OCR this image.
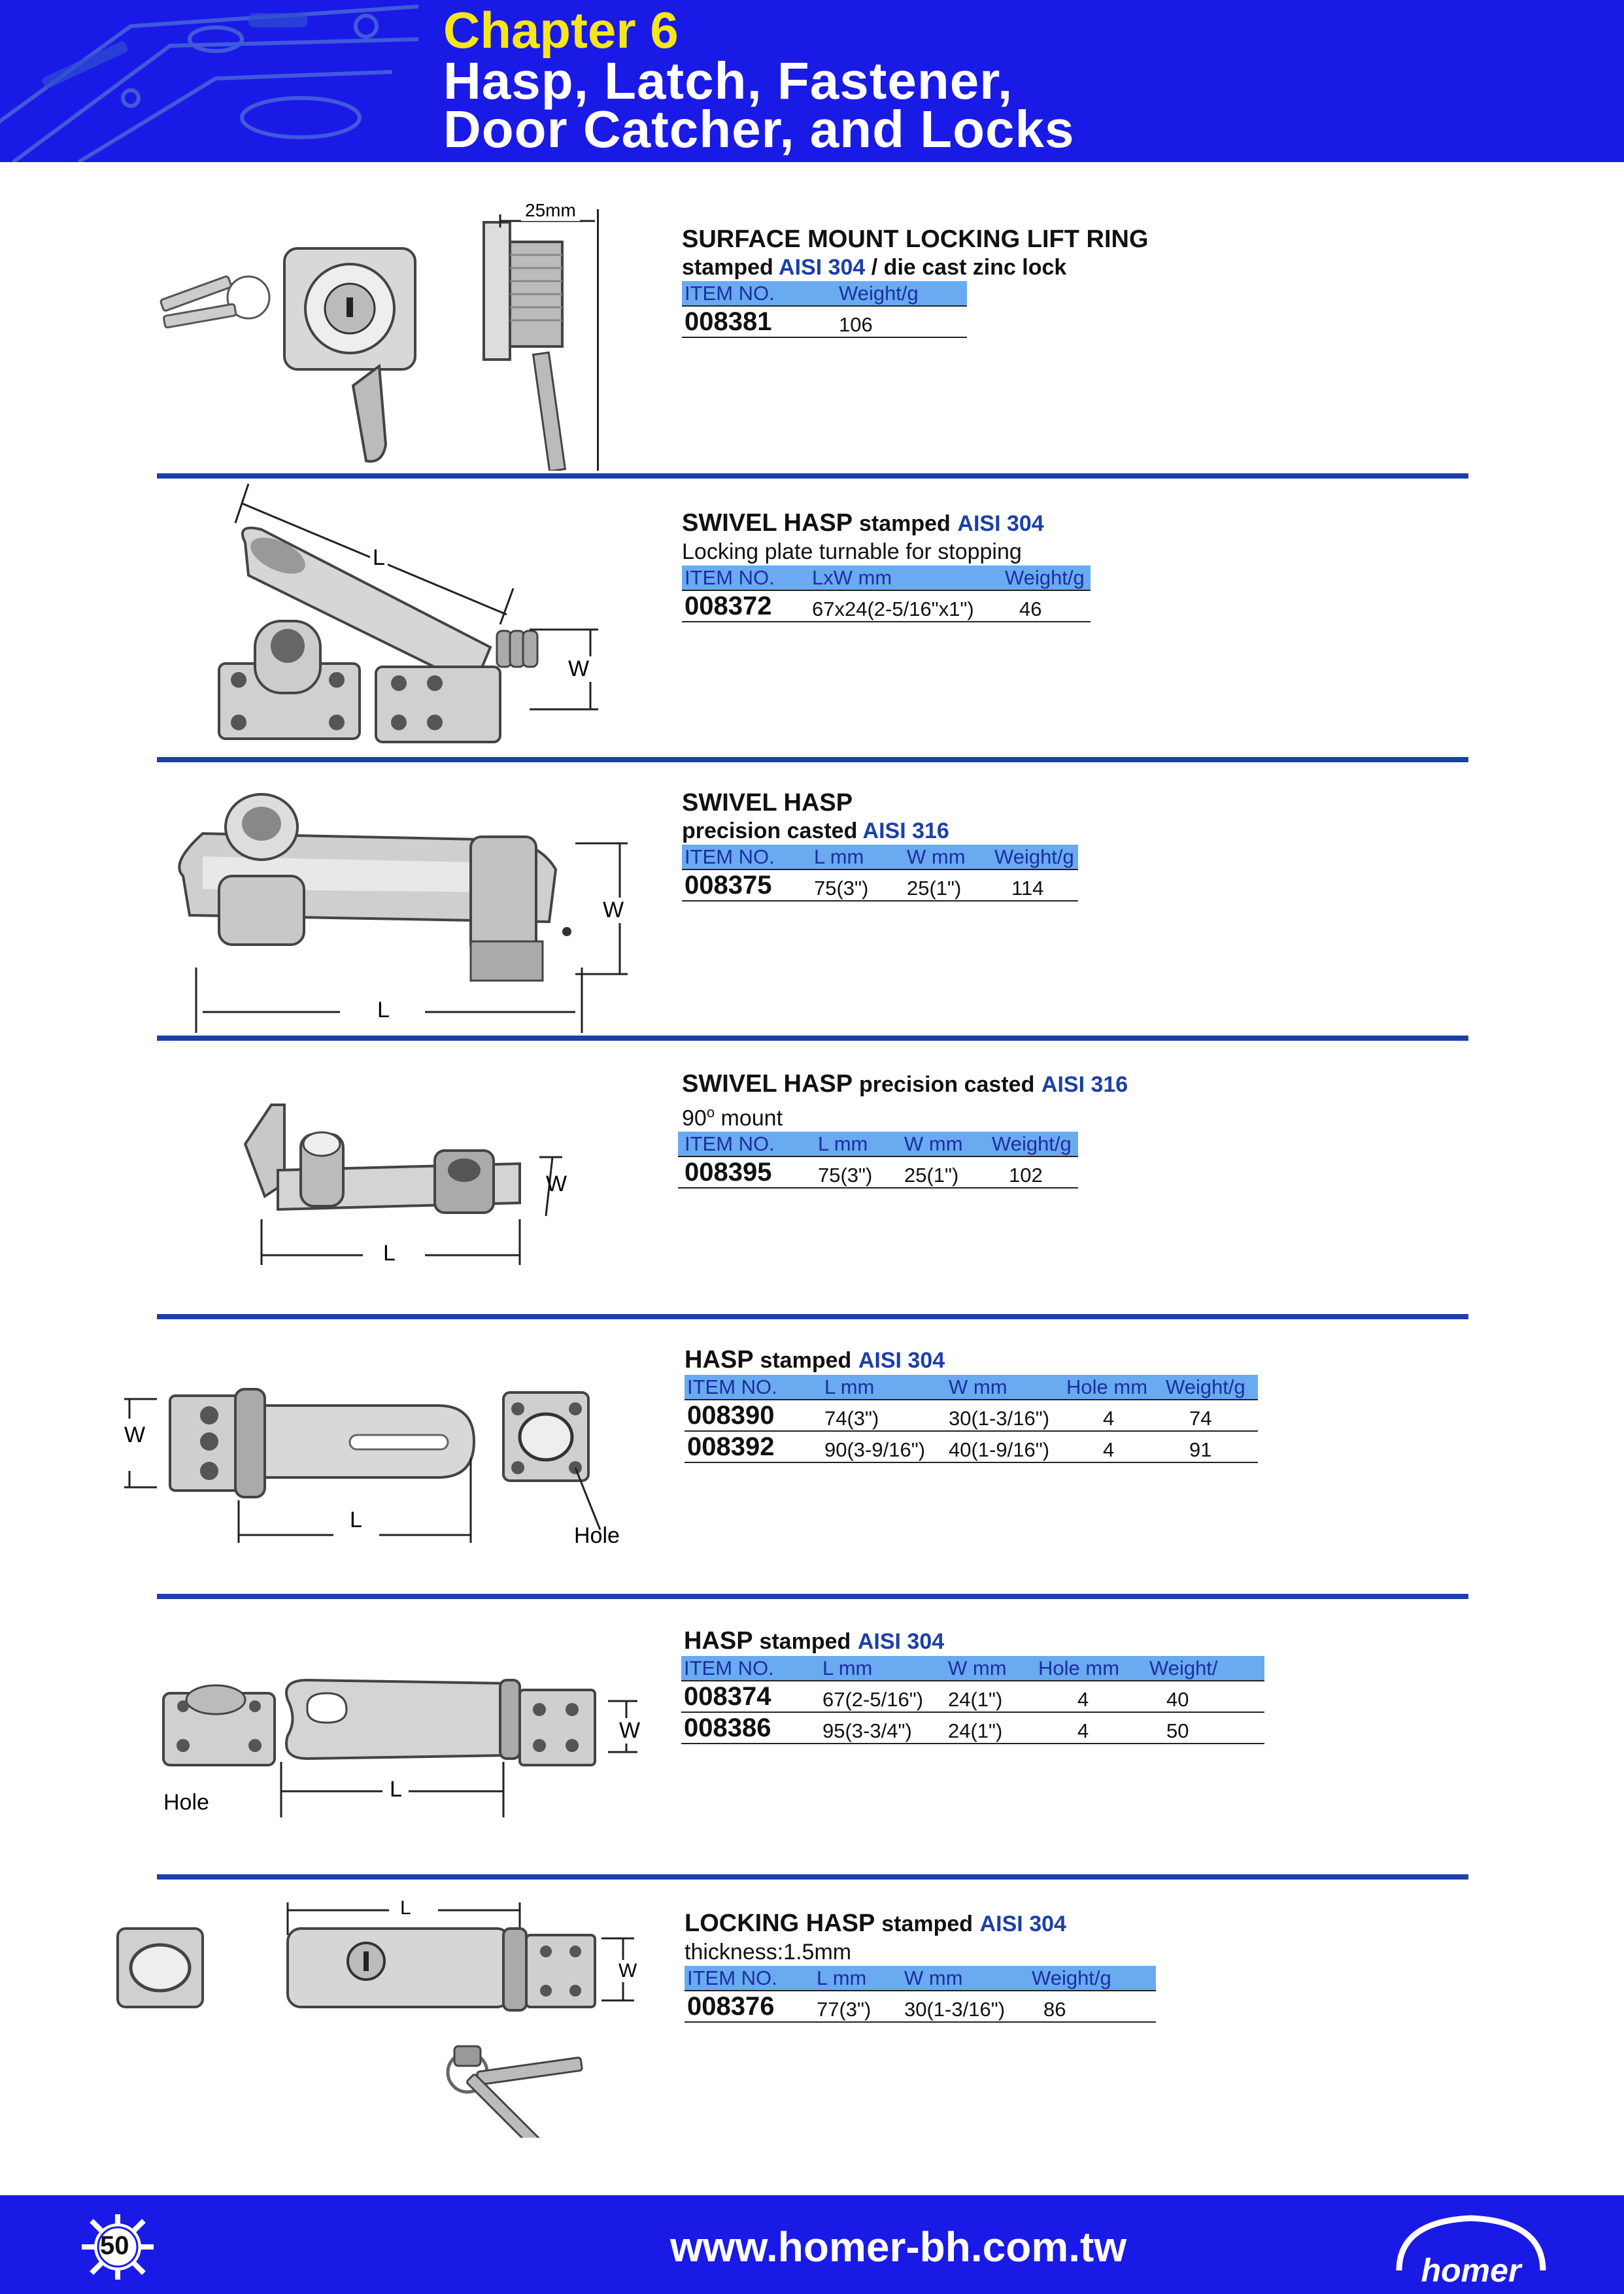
Chapter 6
Hasp, Latch, Fastener,
Door Catcher, and Locks
25mm
SURFACE MOUNT LOCKING LIFT RING
stamped AISI 304 / die cast zinc lock
ITEM NO.	Weight/g
008381	106
L
W
SWIVEL HASP stamped AISI 304
Locking plate turnable for stopping
ITEM NO.	LxW mm	Weight/g
008372	67x24(2-5/16"x1")	46
W
L
SWIVEL HASP
precision casted AISI 316
ITEM NO.	L mm	W mm	Weight/g
008375	75(3")	25(1")	114
W
L
SWIVEL HASP precision casted AISI 316
90$^o$ mount
ITEM NO.	L mm	W mm	Weight/g
008395	75(3")	25(1")	102
W
L
Hole
HASP stamped AISI 304
ITEM NO.	L mm	W mm	Hole mm	Weight/g
008390	74(3")	30(1-3/16")	4	74
008392	90(3-9/16")	40(1-9/16")	4	91
W
L
Hole
HASP stamped AISI 304
ITEM NO.	L mm	W mm	Hole mm	Weight/
008374	67(2-5/16")	24(1")	4	40
008386	95(3-3/4")	24(1")	4	50
L
W
LOCKING HASP stamped AISI 304
thickness:1.5mm
ITEM NO.	L mm	W mm	Weight/g
008376	77(3")	30(1-3/16")	86
50	www.homer-bh.com.tw	homer
